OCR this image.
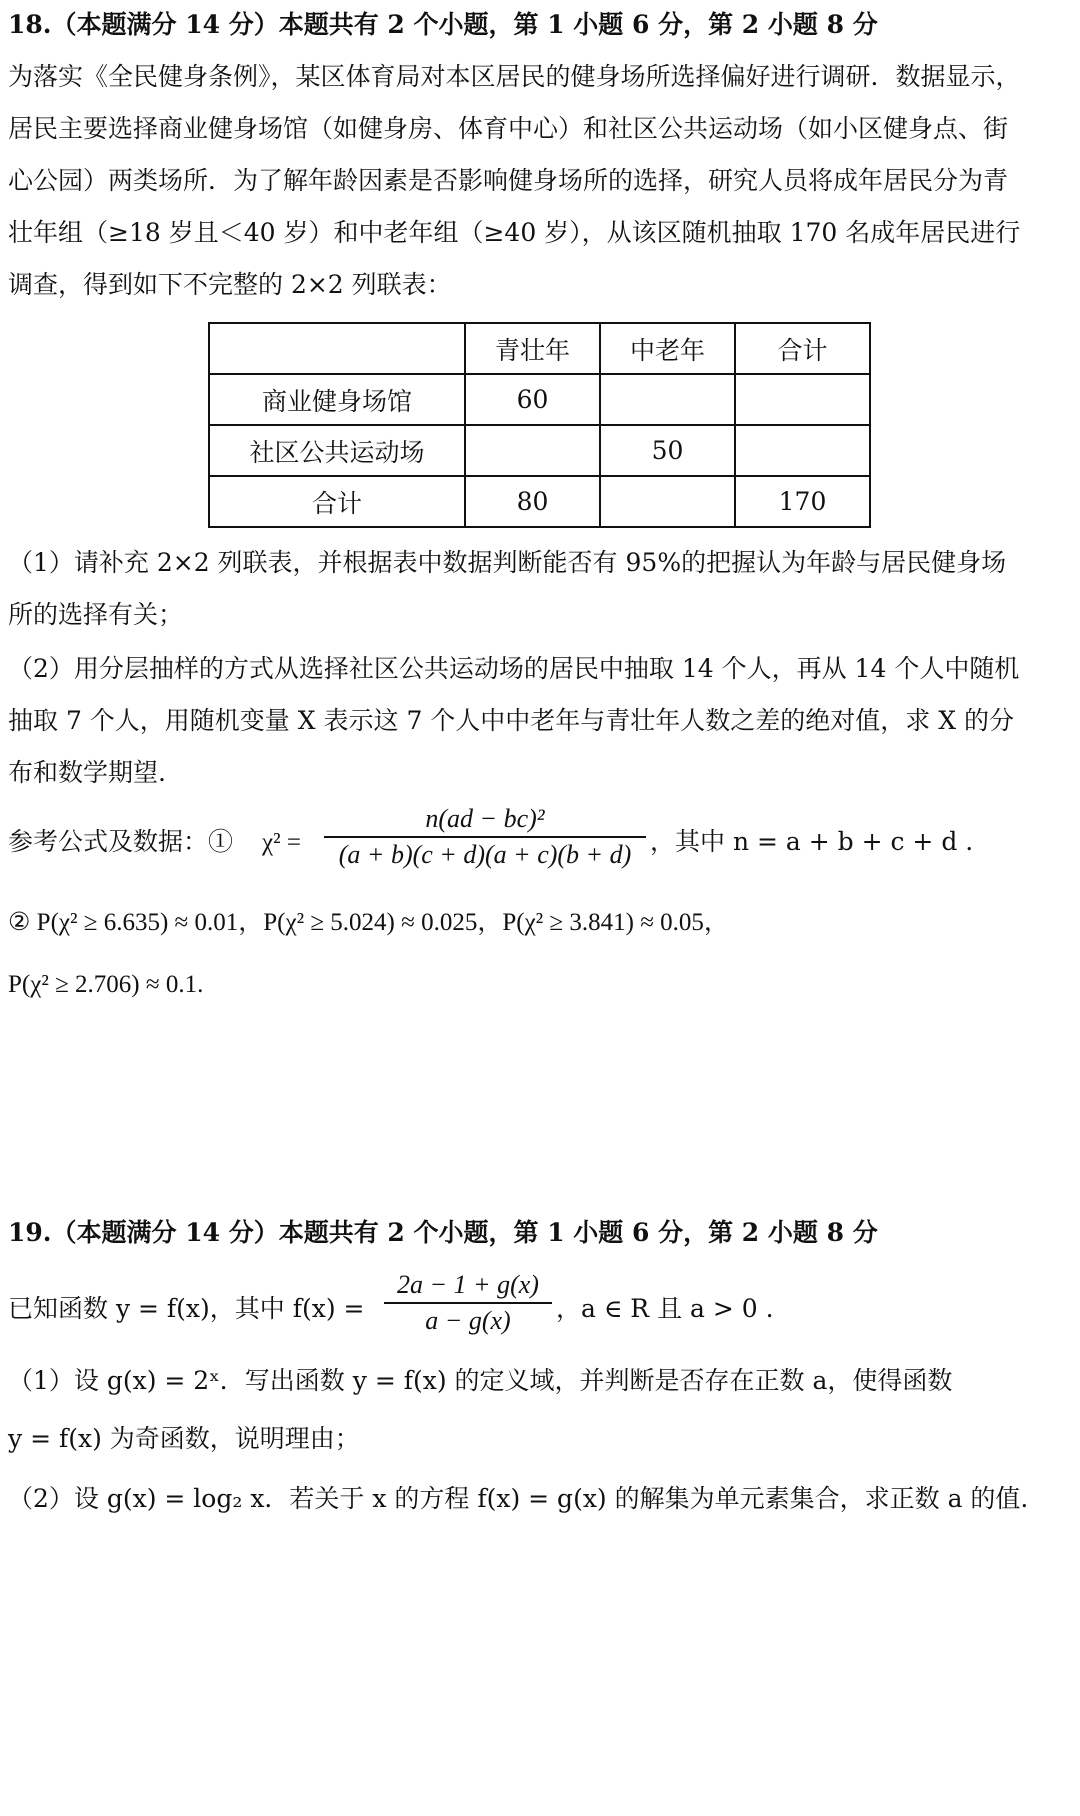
18.（本题满分 14 分）本题共有 2 个小题，第 1 小题 6 分，第 2 小题 8 分
为落实《全民健身条例》，某区体育局对本区居民的健身场所选择偏好进行调研．数据显示，
居民主要选择商业健身场馆（如健身房、体育中心）和社区公共运动场（如小区健身点、街
心公园）两类场所．为了解年龄因素是否影响健身场所的选择，研究人员将成年居民分为青
壮年组（≥18 岁且＜40 岁）和中老年组（≥40 岁），从该区随机抽取 170 名成年居民进行
调查，得到如下不完整的 2×2 列联表：
	青壮年	中老年	合计
商业健身场馆	60		
社区公共运动场		50	
合计	80		170
（1）请补充 2×2 列联表，并根据表中数据判断能否有 95%的把握认为年龄与居民健身场
所的选择有关；
（2）用分层抽样的方式从选择社区公共运动场的居民中抽取 14 个人，再从 14 个人中随机
抽取 7 个人，用随机变量 X 表示这 7 个人中中老年与青壮年人数之差的绝对值，求 X 的分
布和数学期望.
参考公式及数据：① χ² =
n(ad − bc)²
(a + b)(c + d)(a + c)(b + d) ，其中 n = a + b + c + d .
② P(χ² ≥ 6.635) ≈ 0.01，P(χ² ≥ 5.024) ≈ 0.025，P(χ² ≥ 3.841) ≈ 0.05，
P(χ² ≥ 2.706) ≈ 0.1.
19.（本题满分 14 分）本题共有 2 个小题，第 1 小题 6 分，第 2 小题 8 分
已知函数 y = f(x)，其中 f(x) =
2a − 1 + g(x)
a − g(x)	，a ∈ R 且 a > 0 .
（1）设 g(x) = 2ˣ．写出函数 y = f(x) 的定义域，并判断是否存在正数 a，使得函数
y = f(x) 为奇函数，说明理由；
（2）设 g(x) = log₂ x．若关于 x 的方程 f(x) = g(x) 的解集为单元素集合，求正数 a 的值.
